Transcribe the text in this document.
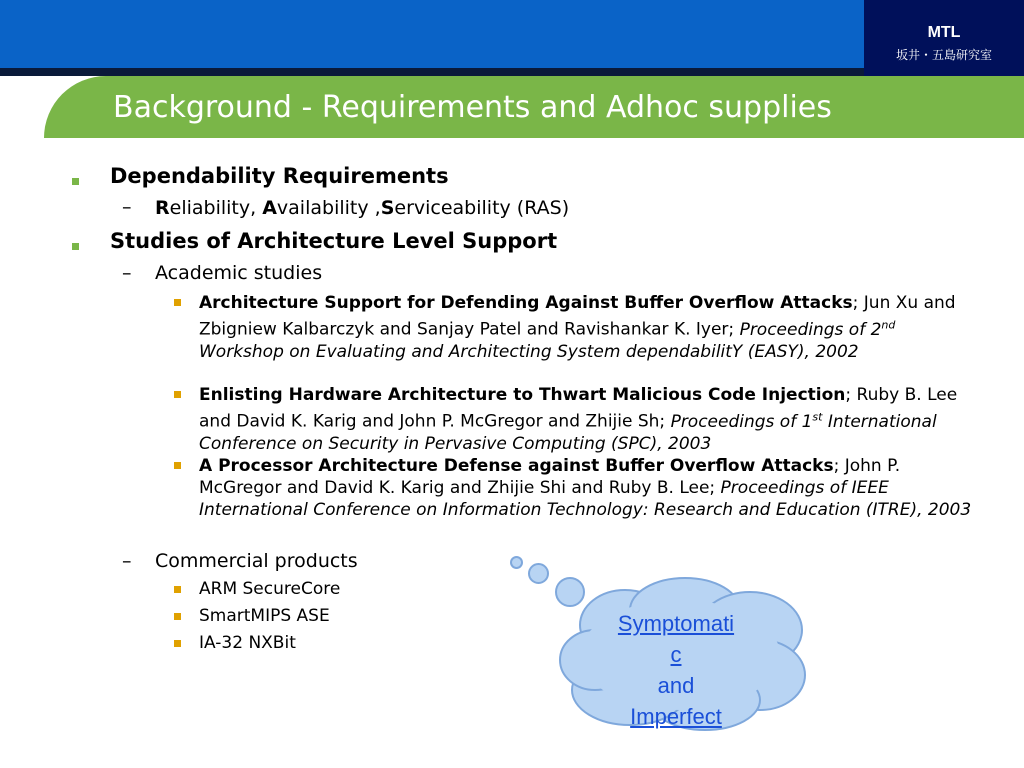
MTL
坂井・五島研究室
Background - Requirements and Adhoc supplies
Dependability Requirements
– Reliability, Availability ,Serviceability (RAS)
Studies of Architecture Level Support
– Academic studies
Architecture Support for Defending Against Buffer Overflow Attacks; Jun Xu and Zbigniew Kalbarczyk and Sanjay Patel and Ravishankar K. Iyer; Proceedings of 2nd Workshop on Evaluating and Architecting System dependabilitY (EASY), 2002
Enlisting Hardware Architecture to Thwart Malicious Code Injection; Ruby B. Lee and David K. Karig and John P. McGregor and Zhijie Sh; Proceedings of 1st International Conference on Security in Pervasive Computing (SPC), 2003
A Processor Architecture Defense against Buffer Overflow Attacks; John P. McGregor and David K. Karig and Zhijie Shi and Ruby B. Lee; Proceedings of IEEE International Conference on Information Technology: Research and Education (ITRE), 2003
– Commercial products
ARM SecureCore
SmartMIPS ASE
IA-32 NXBit
Symptomati
c
and
Imperfect
